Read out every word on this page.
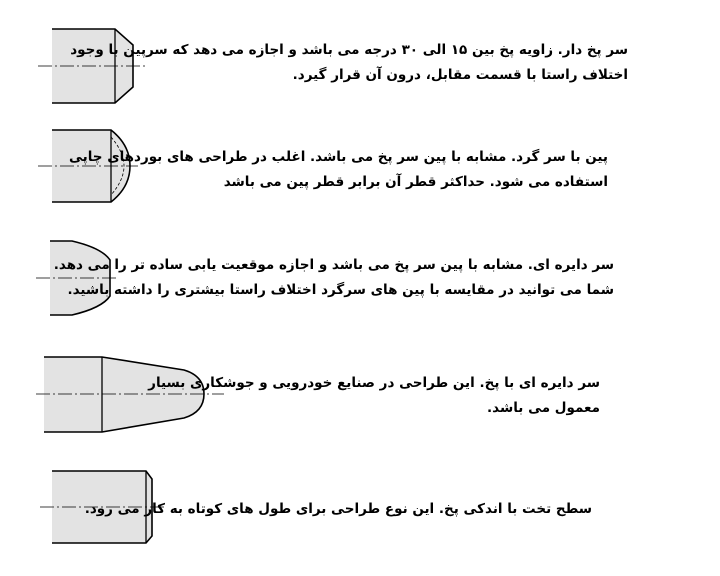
سر پخ دار. زاویه پخ بین ۱۵ الی ۳۰ درجه می باشد و اجازه می دهد که سرپین با وجود
اختلاف راستا با قسمت مقابل، درون آن قرار گیرد.
پین با سر گرد. مشابه با پین سر پخ می باشد. اغلب در طراحی های بوردهای چاپی
استفاده می شود. حداکثر قطر آن برابر قطر پین می باشد
سر دایره ای. مشابه با پین سر پخ می باشد و اجازه موقعیت یابی ساده تر را می دهد.
شما می توانید در مقایسه با پین های سرگرد اختلاف راستا بیشتری را داشته باشید.
سر دایره ای با پخ. این طراحی در صنایع خودرویی و جوشکاری بسیار
معمول می باشد.
سطح تخت با اندکی پخ. این نوع طراحی برای طول های کوتاه به کار می رود.
